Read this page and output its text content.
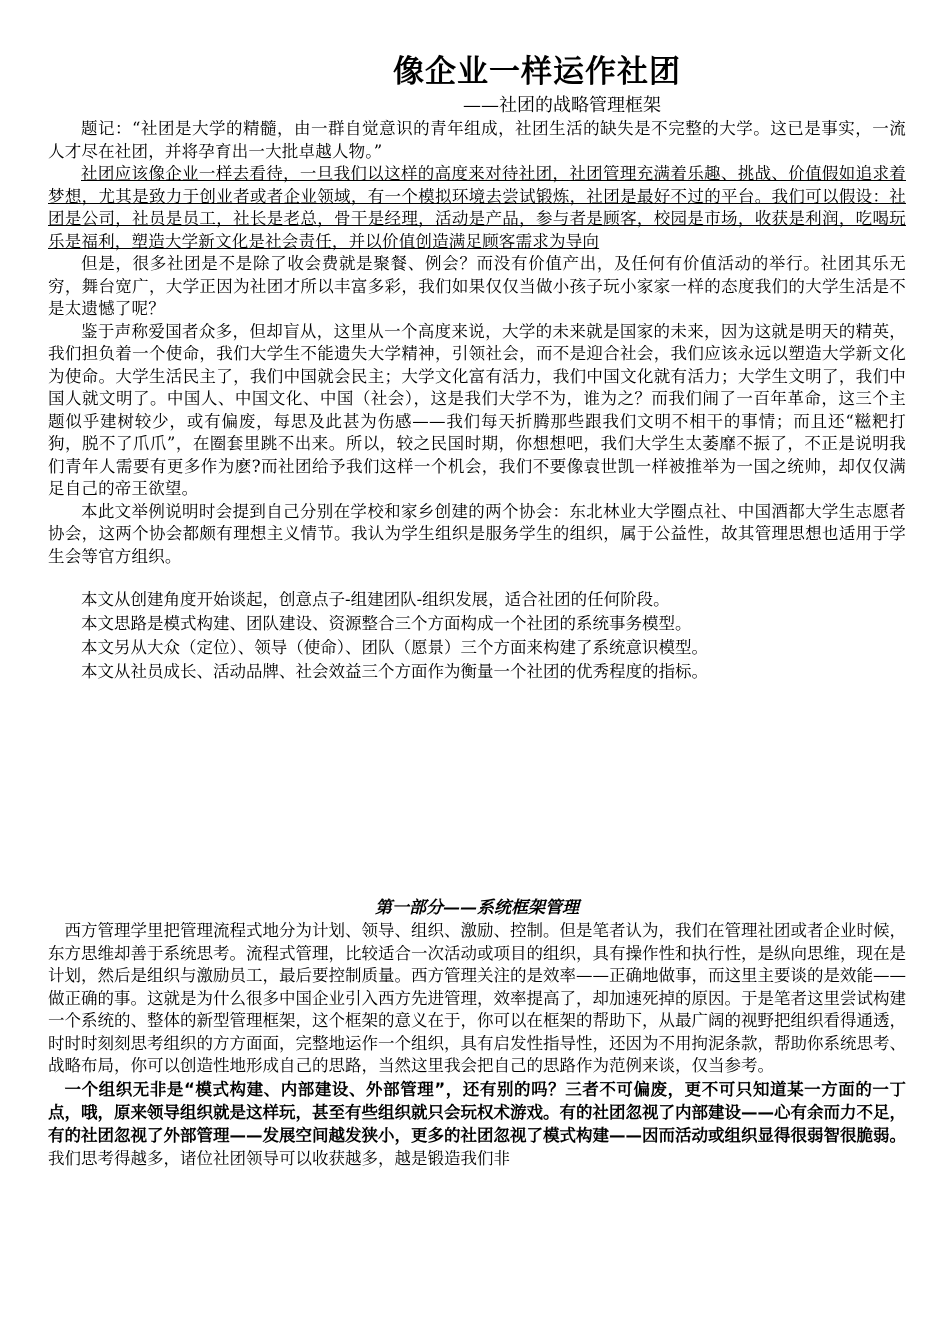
像企业一样运作社团
——社团的战略管理框架

题记：“社团是大学的精髓，由一群自觉意识的青年组成，社团生活的缺失是不完整的大学。这已是事实，一流人才尽在社团，并将孕育出一大批卓越人物。”

社团应该像企业一样去看待，一旦我们以这样的高度来对待社团，社团管理充满着乐趣、挑战、价值假如追求着梦想，尤其是致力于创业者或者企业领域，有一个模拟环境去尝试锻炼，社团是最好不过的平台。我们可以假设：社团是公司，社员是员工，社长是老总，骨干是经理，活动是产品，参与者是顾客，校园是市场，收获是利润，吃喝玩乐是福利，塑造大学新文化是社会责任，并以价值创造满足顾客需求为导向

但是，很多社团是不是除了收会费就是聚餐、例会？而没有价值产出，及任何有价值活动的举行。社团其乐无穷，舞台宽广，大学正因为社团才所以丰富多彩，我们如果仅仅当做小孩子玩小家家一样的态度我们的大学生活是不是太遗憾了呢？

鉴于声称爱国者众多，但却盲从，这里从一个高度来说，大学的未来就是国家的未来，因为这就是明天的精英，我们担负着一个使命，我们大学生不能遗失大学精神，引领社会，而不是迎合社会，我们应该永远以塑造大学新文化为使命。大学生活民主了，我们中国就会民主；大学文化富有活力，我们中国文化就有活力；大学生文明了，我们中国人就文明了。中国人、中国文化、中国（社会），这是我们大学不为，谁为之？而我们闹了一百年革命，这三个主题似乎建树较少，或有偏废，每思及此甚为伤感——我们每天折腾那些跟我们文明不相干的事情；而且还“糍粑打狗，脱不了爪爪”，在圈套里跳不出来。所以，较之民国时期，你想想吧，我们大学生太萎靡不振了，不正是说明我们青年人需要有更多作为麽?而社团给予我们这样一个机会，我们不要像袁世凯一样被推举为一国之统帅，却仅仅满足自己的帝王欲望。

本此文举例说明时会提到自己分别在学校和家乡创建的两个协会：东北林业大学圈点社、中国酒都大学生志愿者协会，这两个协会都颇有理想主义情节。我认为学生组织是服务学生的组织，属于公益性，故其管理思想也适用于学生会等官方组织。

本文从创建角度开始谈起，创意点子-组建团队-组织发展，适合社团的任何阶段。

本文思路是模式构建、团队建设、资源整合三个方面构成一个社团的系统事务模型。

本文另从大众（定位）、领导（使命）、团队（愿景）三个方面来构建了系统意识模型。

本文从社员成长、活动品牌、社会效益三个方面作为衡量一个社团的优秀程度的指标。

第一部分——系统框架管理

西方管理学里把管理流程式地分为计划、领导、组织、激励、控制。但是笔者认为，我们在管理社团或者企业时候，东方思维却善于系统思考。流程式管理，比较适合一次活动或项目的组织，具有操作性和执行性，是纵向思维，现在是计划，然后是组织与激励员工，最后要控制质量。西方管理关注的是效率——正确地做事，而这里主要谈的是效能——做正确的事。这就是为什么很多中国企业引入西方先进管理，效率提高了，却加速死掉的原因。于是笔者这里尝试构建一个系统的、整体的新型管理框架，这个框架的意义在于，你可以在框架的帮助下，从最广阔的视野把组织看得通透，时时时刻刻思考组织的方方面面，完整地运作一个组织，具有启发性指导性，还因为不用拘泥条款，帮助你系统思考、战略布局，你可以创造性地形成自己的思路，当然这里我会把自己的思路作为范例来谈，仅当参考。

一个组织无非是“模式构建、内部建设、外部管理”，还有别的吗？三者不可偏废，更不可只知道某一方面的一丁点，哦，原来领导组织就是这样玩，甚至有些组织就只会玩权术游戏。有的社团忽视了内部建设——心有余而力不足，有的社团忽视了外部管理——发展空间越发狭小，更多的社团忽视了模式构建——因而活动或组织显得很弱智很脆弱。我们思考得越多，诸位社团领导可以收获越多，越是锻造我们非
